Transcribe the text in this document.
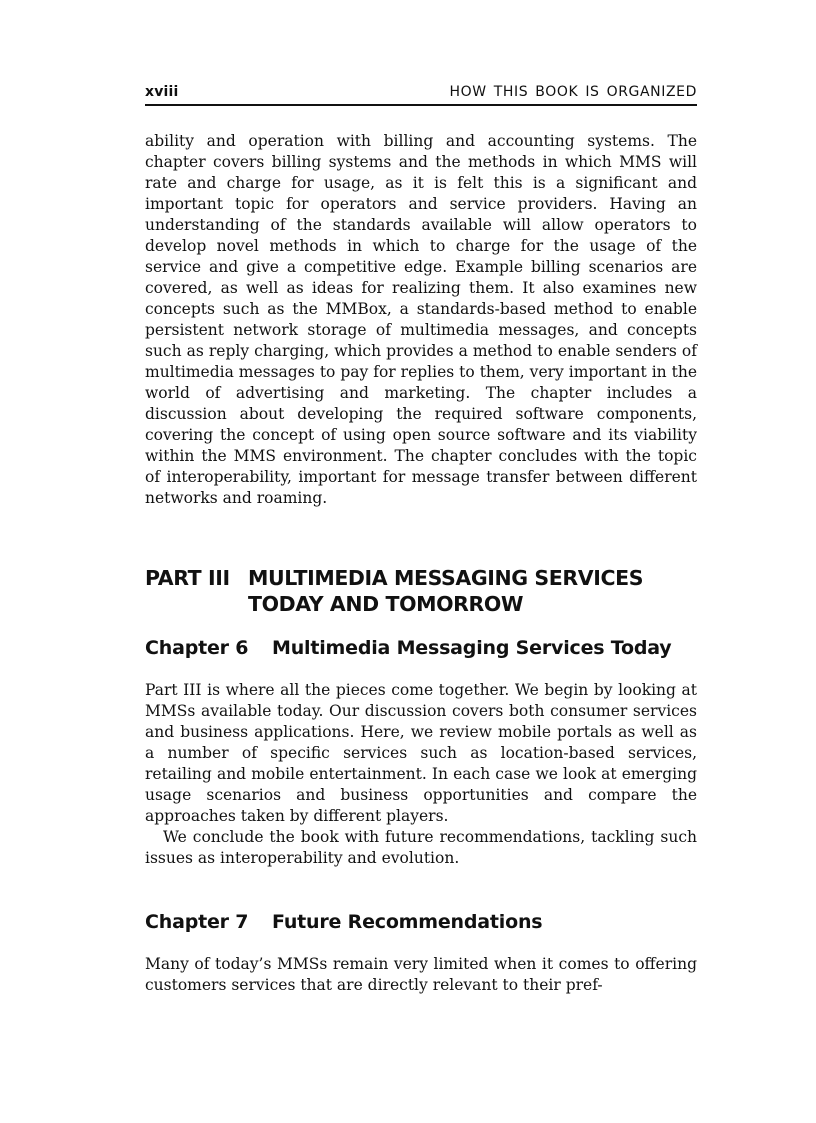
xviii	HOW THIS BOOK IS ORGANIZED

ability and operation with billing and accounting systems. The chapter covers billing systems and the methods in which MMS will rate and charge for usage, as it is felt this is a significant and important topic for operators and service providers. Having an understanding of the standards available will allow operators to develop novel methods in which to charge for the usage of the service and give a competitive edge. Example billing scenarios are covered, as well as ideas for realizing them. It also examines new concepts such as the MMBox, a standards-based method to enable persistent network storage of multimedia messages, and concepts such as reply charging, which provides a method to enable senders of multimedia messages to pay for replies to them, very important in the world of advertising and marketing. The chapter includes a discussion about developing the required software components, covering the concept of using open source software and its viability within the MMS environment. The chapter concludes with the topic of interoperability, important for message transfer between different networks and roaming.

PART III MULTIMEDIA MESSAGING SERVICES
TODAY AND TOMORROW
Chapter 6 Multimedia Messaging Services Today

Part III is where all the pieces come together. We begin by looking at MMSs available today. Our discussion covers both consumer services and business applications. Here, we review mobile portals as well as a number of specific services such as location-based services, retailing and mobile entertainment. In each case we look at emerging usage scenarios and business opportunities and compare the approaches taken by different players.

We conclude the book with future recommendations, tackling such issues as interoperability and evolution.

Chapter 7 Future Recommendations

Many of today’s MMSs remain very limited when it comes to offering customers services that are directly relevant to their pref-
